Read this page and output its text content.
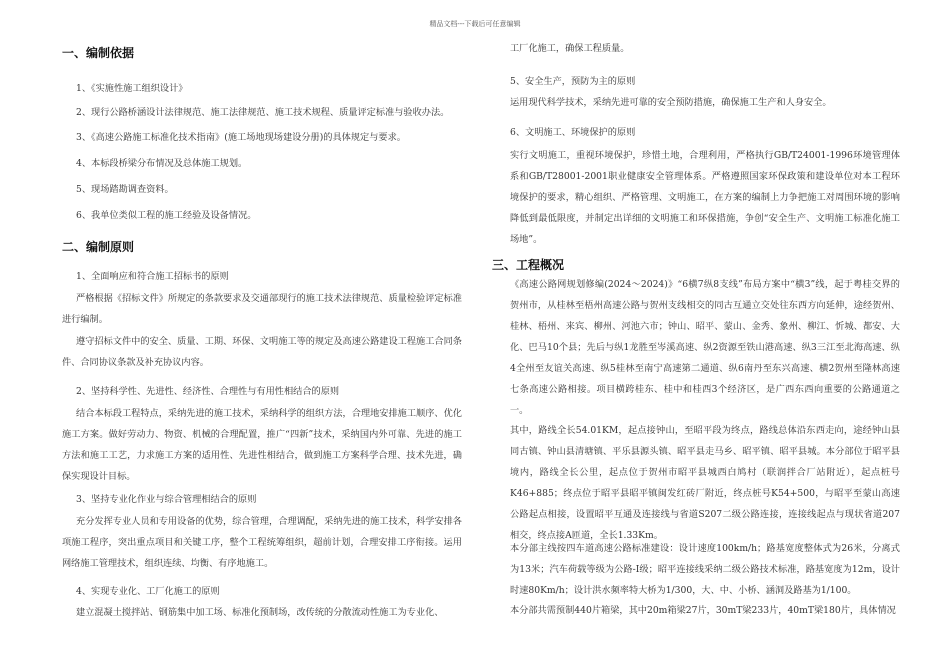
精品文档---下载后可任意编辑
一、编制依据
1、《实施性施工组织设计》
2、现行公路桥涵设计法律规范、施工法律规范、施工技术规程、质量评定标准与验收办法。
3、《高速公路施工标准化技术指南》(施工场地现场建设分册)的具体规定与要求。
4、本标段桥梁分布情况及总体施工规划。
5、现场踏勘调查资料。
6、我单位类似工程的施工经验及设备情况。
二、编制原则
1、全面响应和符合施工招标书的原则
严格根据《招标文件》所规定的条款要求及交通部现行的施工技术法律规范、质量检验评定标准进行编制。
遵守招标文件中的安全、质量、工期、环保、文明施工等的规定及高速公路建设工程施工合同条件、合同协议条款及补充协议内容。
2、坚持科学性、先进性、经济性、合理性与有用性相结合的原则
结合本标段工程特点，采纳先进的施工技术，采纳科学的组织方法，合理地安排施工顺序、优化施工方案。做好劳动力、物资、机械的合理配置，推广“四新”技术，采纳国内外可靠、先进的施工方法和施工工艺，力求施工方案的适用性、先进性相结合，做到施工方案科学合理、技术先进，确保实现设计目标。
3、坚持专业化作业与综合管理相结合的原则
充分发挥专业人员和专用设备的优势，综合管理，合理调配，采纳先进的施工技术，科学安排各项施工程序，突出重点项目和关键工序，整个工程统筹组织，超前计划，合理安排工序衔接。运用网络施工管理技术，组织连续、均衡、有序地施工。
4、实现专业化、工厂化施工的原则
建立混凝土搅拌站、钢筋集中加工场、标准化预制场，改传统的分散流动性施工为专业化、
工厂化施工，确保工程质量。
5、安全生产，预防为主的原则
运用现代科学技术，采纳先进可靠的安全预防措施，确保施工生产和人身安全。
6、文明施工、环境保护的原则
实行文明施工，重视环境保护，珍惜土地，合理利用，严格执行GB/T24001-1996环境管理体系和GB/T28001-2001职业健康安全管理体系。严格遵照国家环保政策和建设单位对本工程环境保护的要求，精心组织、严格管理、文明施工，在方案的编制上力争把施工对周围环境的影响降低到最低限度，并制定出详细的文明施工和环保措施，争创“安全生产、文明施工标准化施工场地”。
三、工程概况
《高速公路网规划修编(2024～2024)》“6横7纵8支线”布局方案中“横3”线，起于粤桂交界的贺州市，从桂林至梧州高速公路与贺州支线相交的同古互通立交处往东西方向延伸，途经贺州、桂林、梧州、来宾、柳州、河池六市；钟山、昭平、蒙山、金秀、象州、柳江、忻城、都安、大化、巴马10个县；先后与纵1龙胜至岑溪高速、纵2资源至铁山港高速、纵3三江至北海高速、纵4全州至友谊关高速、纵5桂林至南宁高速第二通道、纵6南丹至东兴高速、横2贺州至隆林高速七条高速公路相接。项目横跨桂东、桂中和桂西3个经济区，是广西东西向重要的公路通道之一。
其中，路线全长54.01KM，起点接钟山，至昭平段为终点，路线总体沿东西走向，途经钟山县同古镇、钟山县清塘镇、平乐县源头镇、昭平县走马乡、昭平镇、昭平县城。本分部位于昭平县境内，路线全长公里，起点位于贺州市昭平县城西白鸠村（联润拌合厂站附近），起点桩号K46+885；终点位于昭平县昭平镇闽发红砖厂附近，终点桩号K54+500，与昭平至蒙山高速公路起点相接，设置昭平互通及连接线与省道S207二级公路连接，连接线起点与现状省道207相交，终点接A匝道，全长1.33Km。
本分部主线按四车道高速公路标准建设：设计速度100km/h；路基宽度整体式为26米，分离式为13米；汽车荷载等级为公路-Ⅰ级；昭平连接线采纳二级公路技术标准，路基宽度为12m，设计时速80Km/h；设计洪水频率特大桥为1/300，大、中、小桥、涵洞及路基为1/100。
本分部共需预制440片箱梁，其中20m箱梁27片，30mT梁233片，40mT梁180片，具体情况
